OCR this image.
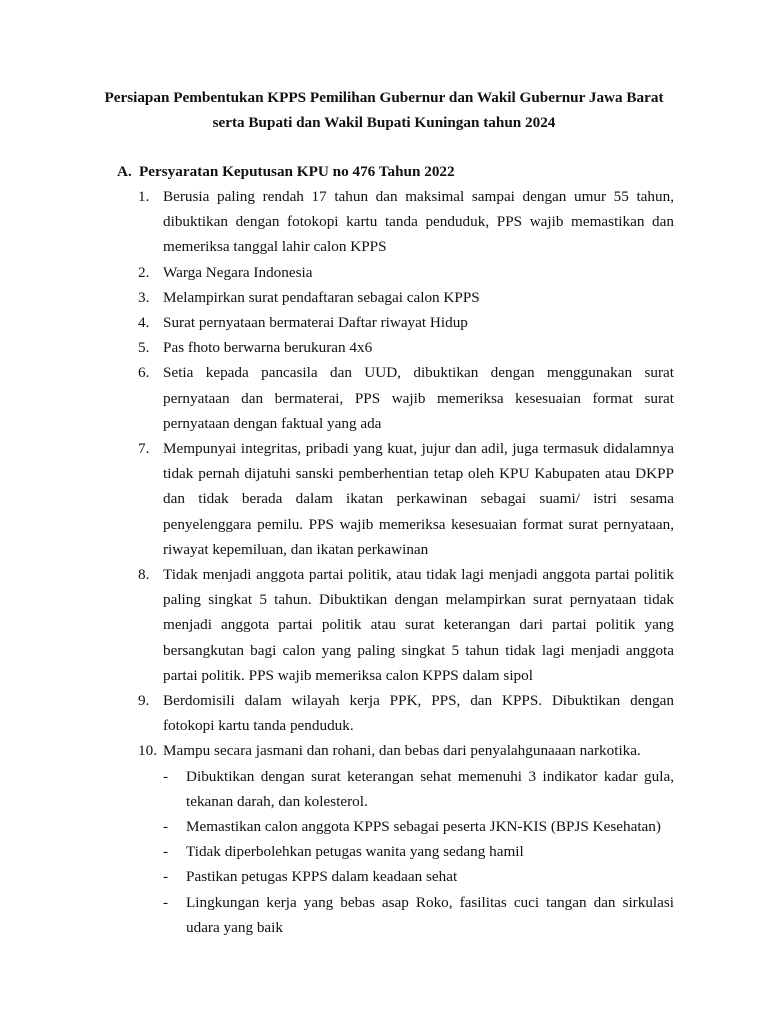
Persiapan Pembentukan KPPS Pemilihan Gubernur dan Wakil Gubernur Jawa Barat
serta Bupati dan Wakil Bupati Kuningan tahun 2024
A. Persyaratan Keputusan KPU no 476 Tahun 2022
1. Berusia paling rendah 17 tahun dan maksimal sampai dengan umur 55 tahun, dibuktikan dengan fotokopi kartu tanda penduduk, PPS wajib memastikan dan memeriksa tanggal lahir calon KPPS
2. Warga Negara Indonesia
3. Melampirkan surat pendaftaran sebagai calon KPPS
4. Surat pernyataan bermaterai Daftar riwayat Hidup
5. Pas fhoto berwarna berukuran 4x6
6. Setia kepada pancasila dan UUD, dibuktikan dengan menggunakan surat pernyataan dan bermaterai, PPS wajib memeriksa kesesuaian format surat pernyataan dengan faktual yang ada
7. Mempunyai integritas, pribadi yang kuat, jujur dan adil, juga termasuk didalamnya tidak pernah dijatuhi sanski pemberhentian tetap oleh KPU Kabupaten atau DKPP dan tidak berada dalam ikatan perkawinan sebagai suami/ istri sesama penyelenggara pemilu. PPS wajib memeriksa kesesuaian format surat pernyataan, riwayat kepemiluan, dan ikatan perkawinan
8. Tidak menjadi anggota partai politik, atau tidak lagi menjadi anggota partai politik paling singkat 5 tahun. Dibuktikan dengan melampirkan surat pernyataan tidak menjadi anggota partai politik atau surat keterangan dari partai politik yang bersangkutan bagi calon yang paling singkat 5 tahun tidak lagi menjadi anggota partai politik. PPS wajib memeriksa calon KPPS dalam sipol
9. Berdomisili dalam wilayah kerja PPK, PPS, dan KPPS. Dibuktikan dengan fotokopi kartu tanda penduduk.
10. Mampu secara jasmani dan rohani, dan bebas dari penyalahgunaaan narkotika.
- Dibuktikan dengan surat keterangan sehat memenuhi 3 indikator kadar gula, tekanan darah, dan kolesterol.
- Memastikan calon anggota KPPS sebagai peserta JKN-KIS (BPJS Kesehatan)
- Tidak diperbolehkan petugas wanita yang sedang hamil
- Pastikan petugas KPPS dalam keadaan sehat
- Lingkungan kerja yang bebas asap Roko, fasilitas cuci tangan dan sirkulasi udara yang baik
